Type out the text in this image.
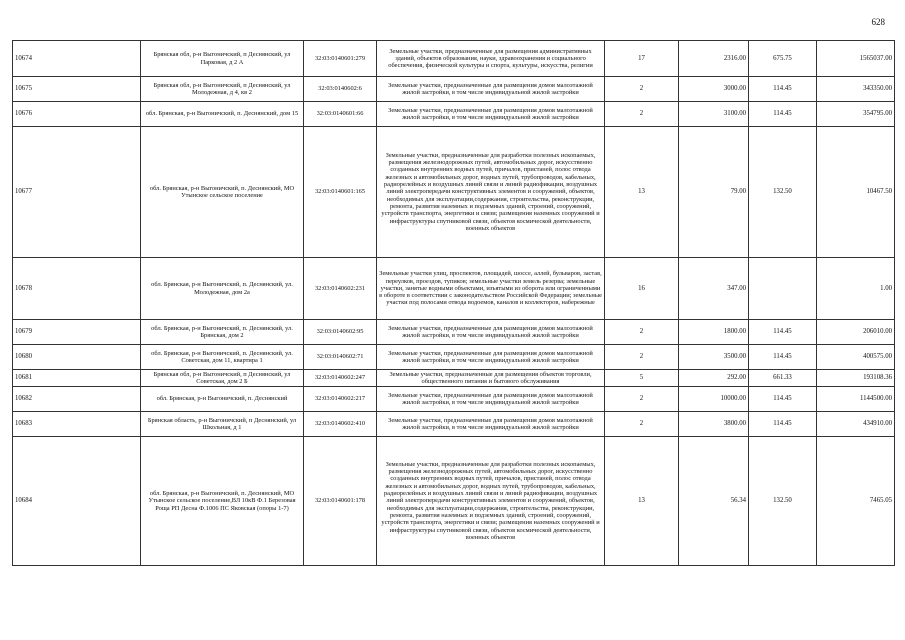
628
10674	Брянская обл, р-н Выгоничский, п Деснянский, ул Парковая, д 2 А	32:03:0140601:279	Земельные участки, предназначенные для размещения административных зданий, объектов образования, науки, здравоохранения и социального обеспечения, физической культуры и спорта, культуры, искусства, религии	17	2316.00	675.75	1565037.00
10675	Брянская обл, р-н Выгоничский, п Деснянский, ул Молодежная, д 4, кв 2	32:03:0140602:6	Земельные участки, предназначенные для размещения домов малоэтажной жилой застройки, в том числе индивидуальной жилой застройки	2	3000.00	114.45	343350.00
10676	обл. Брянская, р-н Выгоничский, п. Деснянский, дом 15	32:03:0140601:66	Земельные участки, предназначенные для размещения домов малоэтажной жилой застройки, в том числе индивидуальной жилой застройки	2	3100.00	114.45	354795.00
10677	обл. Брянская, р-н Выгоничский, п. Деснянский, МО Утынское сельское поселение	32:03:0140601:165	Земельные участки, предназначенные для разработки полезных ископаемых, размещения железнодорожных путей, автомобильных дорог, искусственно созданных внутренних водных путей, причалов, пристаней, полос отвода железных и автомобильных дорог, водных путей, трубопроводов, кабельных, радиорелейных и воздушных линий связи и линий радиофикации, воздушных линий электропередачи конструктивных элементов и сооружений, объектов, необходимых для эксплуатации,содержания, строительства, реконструкции, ремонта, развития наземных и подземных зданий, строений, сооружений, устройств транспорта, энергетики и связи; размещения наземных сооружений и инфраструктуры спутниковой связи, объектов космической деятельности, военных объектов	13	79.00	132.50	10467.50
10678	обл. Брянская, р-н Выгоничский, п. Деснянский, ул. Молодежная, дом 2а	32:03:0140602:231	Земельные участки улиц, проспектов, площадей, шоссе, аллей, бульваров, застав, переулков, проездов, тупиков; земельные участки земель резерва; земельные участки, занятые водными объектами, изъятыми из оборота или ограниченными в обороте в соответствии с законодательством Российской Федерации; земельные участки под полосами отвода водоемов, каналов и коллекторов, набережные	16	347.00		1.00
10679	обл. Брянская, р-н Выгоничский, п. Деснянский, ул. Брянская, дом 2	32:03:0140602:95	Земельные участки, предназначенные для размещения домов малоэтажной жилой застройки, в том числе индивидуальной жилой застройки	2	1800.00	114.45	206010.00
10680	обл. Брянская, р-н Выгоничский, п. Деснянский, ул. Советская, дом 11, квартира 1	32:03:0140602:71	Земельные участки, предназначенные для размещения домов малоэтажной жилой застройки, в том числе индивидуальной жилой застройки	2	3500.00	114.45	400575.00
10681	Брянская обл, р-н Выгоничский, п Деснянский, ул Советская, дом 2 Б	32:03:0140602:247	Земельные участки, предназначенные для размещения объектов торговли, общественного питания и бытового обслуживания	5	292.00	661.33	193108.36
10682	обл. Брянская, р-н Выгоничский, п. Деснянский	32:03:0140602:217	Земельные участки, предназначенные для размещения домов малоэтажной жилой застройки, в том числе индивидуальной жилой застройки	2	10000.00	114.45	1144500.00
10683	Брянская область, р-н Выгоничский, п Деснянский, ул Школьная, д 1	32:03:0140602:410	Земельные участки, предназначенные для размещения домов малоэтажной жилой застройки, в том числе индивидуальной жилой застройки	2	3800.00	114.45	434910.00
10684	обл. Брянская, р-н Выгоничский, п. Деснянский, МО Утынское сельское поселение,ВЛ 10кВ Ф.1 Березовая Роща РП Десна Ф.1006 ПС Яковская (опоры 1-7)	32:03:0140601:178	Земельные участки, предназначенные для разработки полезных ископаемых, размещения железнодорожных путей, автомобильных дорог, искусственно созданных внутренних водных путей, причалов, пристаней, полос отвода железных и автомобильных дорог, водных путей, трубопроводов, кабельных, радиорелейных и воздушных линий связи и линий радиофикации, воздушных линий электропередачи конструктивных элементов и сооружений, объектов, необходимых для эксплуатации,содержания, строительства, реконструкции, ремонта, развития наземных и подземных зданий, строений, сооружений, устройств транспорта, энергетики и связи; размещения наземных сооружений и инфраструктуры спутниковой связи, объектов космической деятельности, военных объектов	13	56.34	132.50	7465.05
